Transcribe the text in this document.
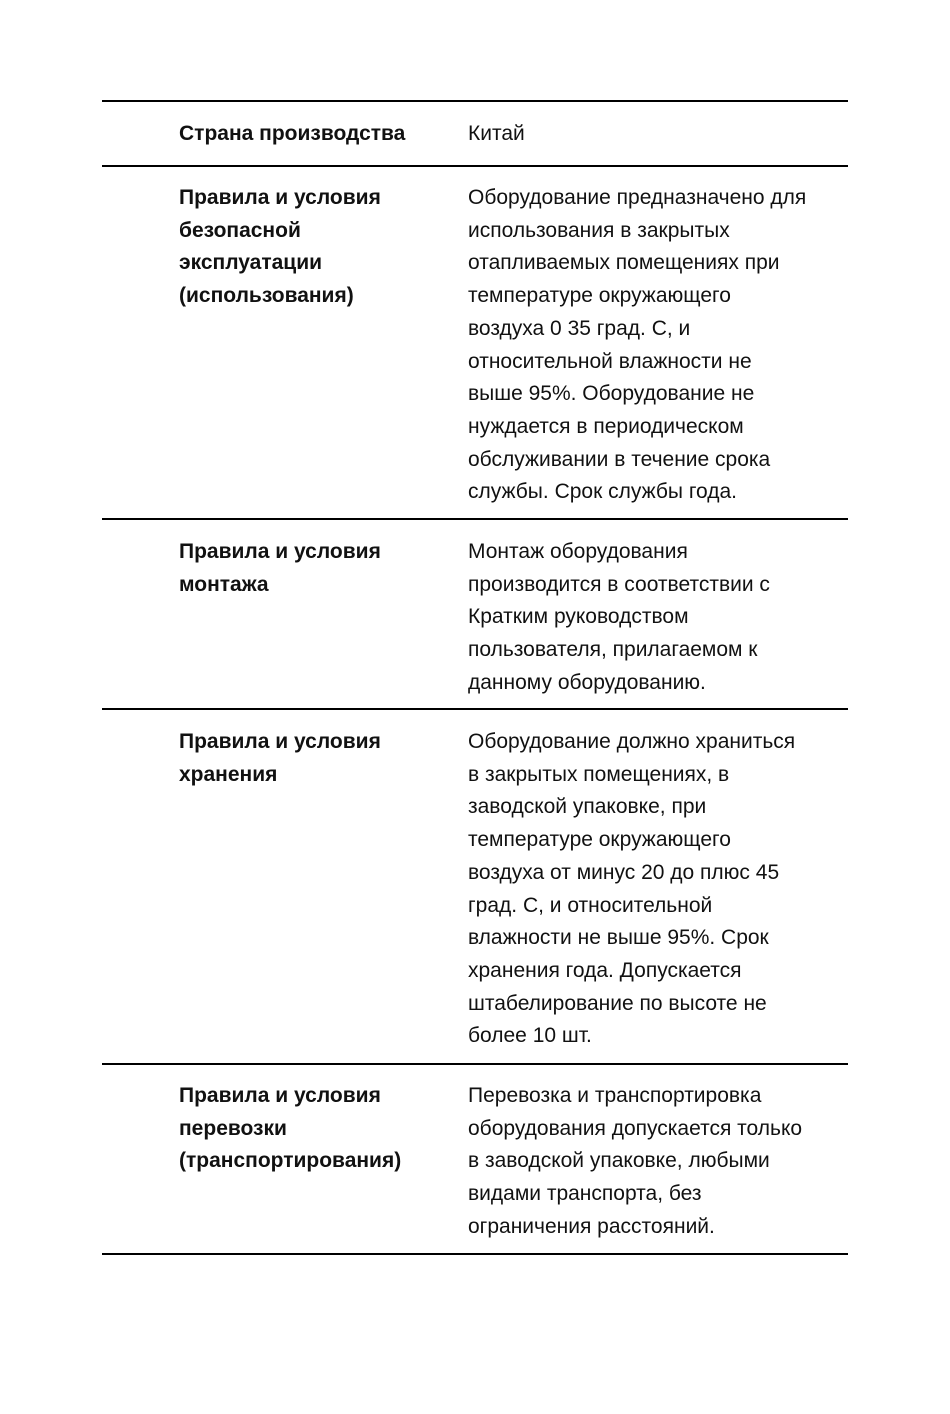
Страна производства	Китай
Правила и условия
безопасной
эксплуатации
(использования)
Оборудование предназначено для
использования в закрытых
отапливаемых помещениях при
температуре окружающего
воздуха 0 35 град. С, и
относительной влажности не
выше 95%. Оборудование не
нуждается в периодическом
обслуживании в течение срока
службы. Срок службы года.
Правила и условия
монтажа
Монтаж оборудования
производится в соответствии с
Кратким руководством
пользователя, прилагаемом к
данному оборудованию.
Правила и условия
хранения
Оборудование должно храниться
в закрытых помещениях, в
заводской упаковке, при
температуре окружающего
воздуха от минус 20 до плюс 45
град. С, и относительной
влажности не выше 95%. Срок
хранения года. Допускается
штабелирование по высоте не
более 10 шт.
Правила и условия
перевозки
(транспортирования)
Перевозка и транспортировка
оборудования допускается только
в заводской упаковке, любыми
видами транспорта, без
ограничения расстояний.
